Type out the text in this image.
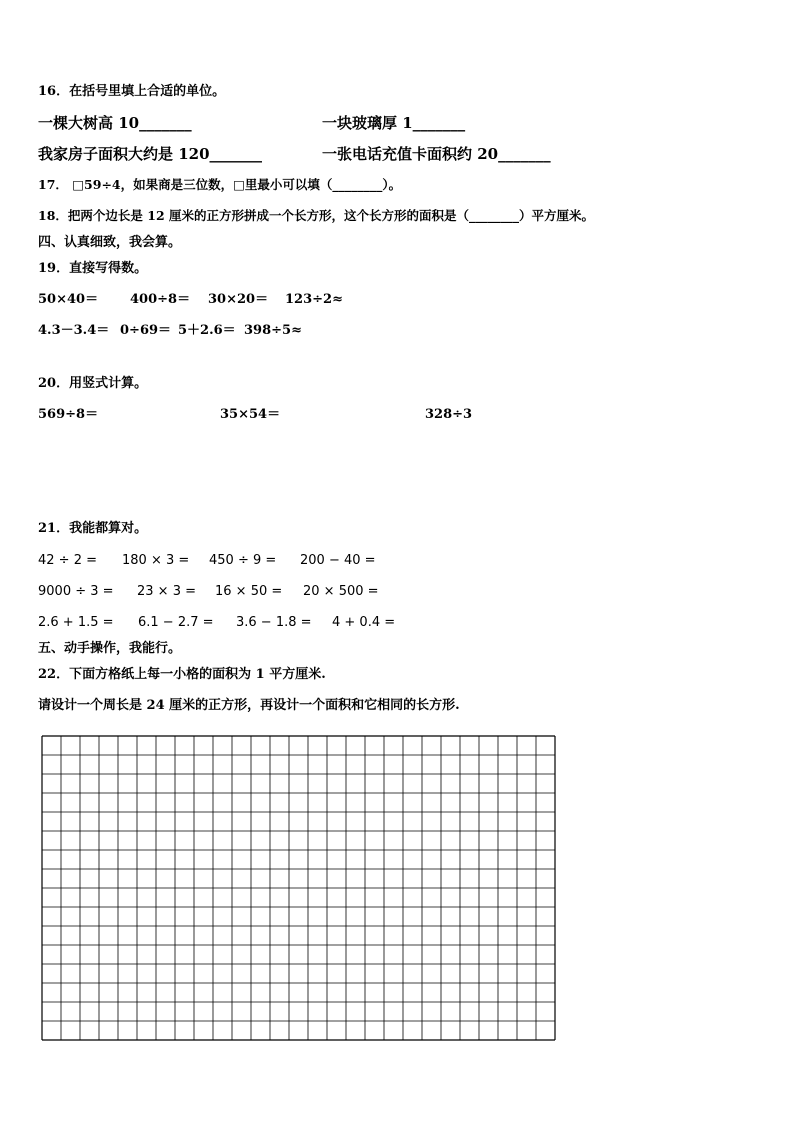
16．在括号里填上合适的单位。
一棵大树高 10_______	一块玻璃厚 1_______
我家房子面积大约是 120_______	一张电话充值卡面积约 20_______
17． □59÷4，如果商是三位数，□里最小可以填（________）。
18．把两个边长是 12 厘米的正方形拼成一个长方形，这个长方形的面积是（________）平方厘米。
四、认真细致，我会算。
19．直接写得数。
50×40＝ 400÷8＝ 30×20＝ 123÷2≈
4.3－3.4＝ 0÷69＝ 5＋2.6＝ 398÷5≈
20．用竖式计算。
569÷8＝	35×54＝	328÷3
21．我能都算对。
42 ÷ 2 = 180 × 3 = 450 ÷ 9 = 200 − 40 =
9000 ÷ 3 = 23 × 3 = 16 × 50 = 20 × 500 =
2.6 + 1.5 = 6.1 − 2.7 = 3.6 − 1.8 = 4 + 0.4 =
五、动手操作，我能行。
22．下面方格纸上每一小格的面积为 1 平方厘米.
请设计一个周长是 24 厘米的正方形，再设计一个面积和它相同的长方形.
